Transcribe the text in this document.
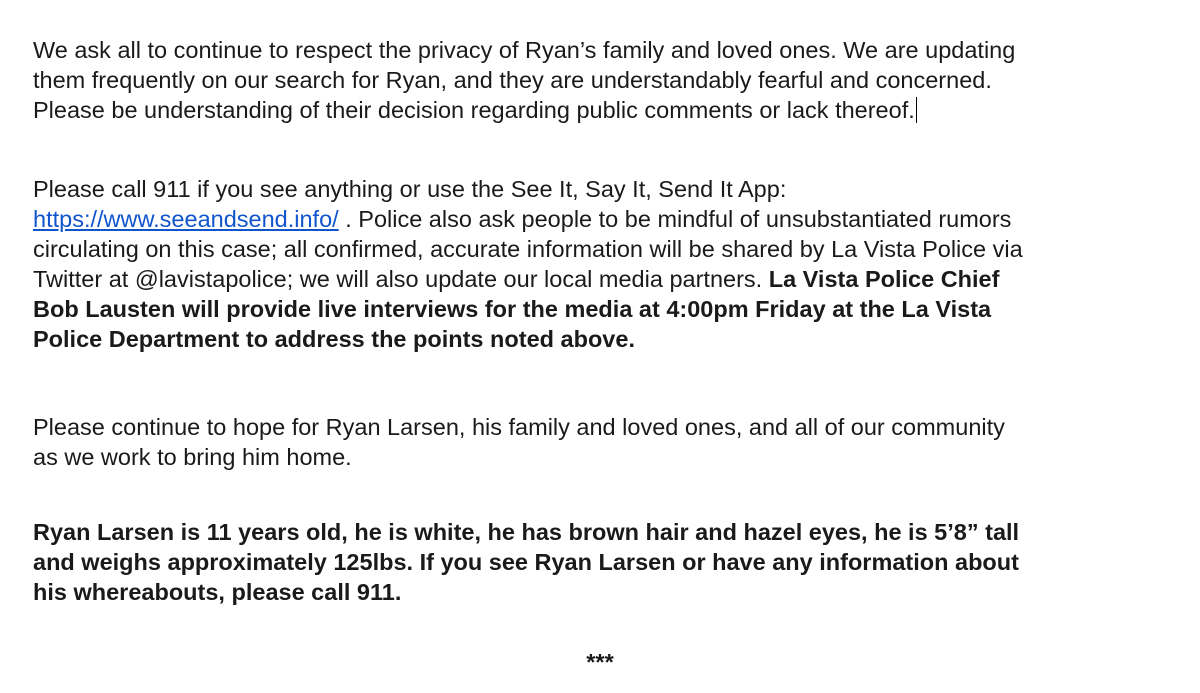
We ask all to continue to respect the privacy of Ryan’s family and loved ones. We are updating
them frequently on our search for Ryan, and they are understandably fearful and concerned.
Please be understanding of their decision regarding public comments or lack thereof.

Please call 911 if you see anything or use the See It, Say It, Send It App:
https://www.seeandsend.info/ . Police also ask people to be mindful of unsubstantiated rumors
circulating on this case; all confirmed, accurate information will be shared by La Vista Police via
Twitter at @lavistapolice; we will also update our local media partners. La Vista Police Chief
Bob Lausten will provide live interviews for the media at 4:00pm Friday at the La Vista
Police Department to address the points noted above.

Please continue to hope for Ryan Larsen, his family and loved ones, and all of our community
as we work to bring him home.

Ryan Larsen is 11 years old, he is white, he has brown hair and hazel eyes, he is 5’8” tall
and weighs approximately 125lbs. If you see Ryan Larsen or have any information about
his whereabouts, please call 911.

***
